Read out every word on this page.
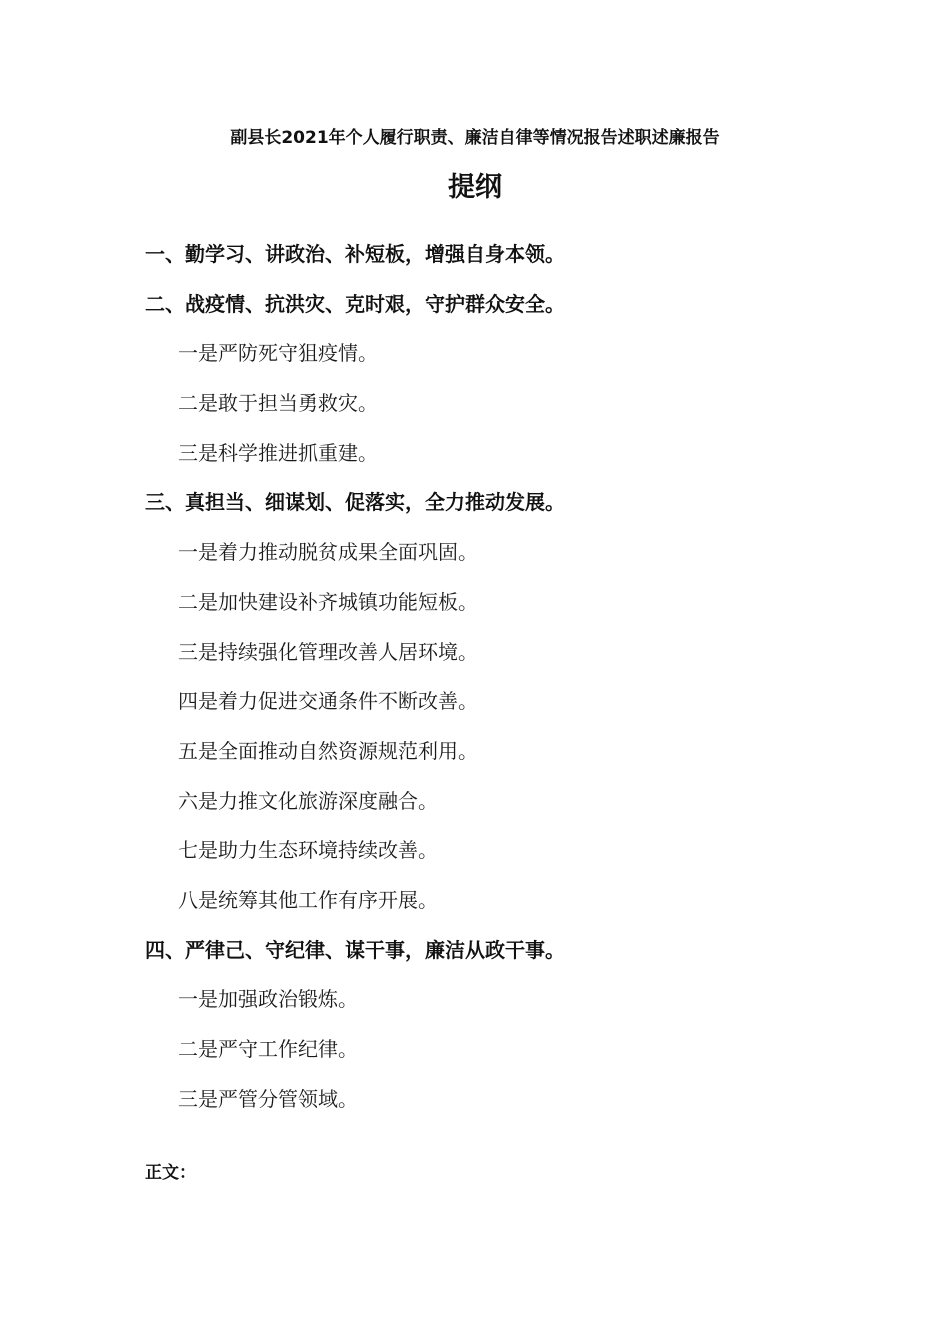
副县长2021年个人履行职责、廉洁自律等情况报告述职述廉报告
提纲
一、勤学习、讲政治、补短板，增强自身本领。
二、战疫情、抗洪灾、克时艰，守护群众安全。
一是严防死守狙疫情。
二是敢于担当勇救灾。
三是科学推进抓重建。
三、真担当、细谋划、促落实，全力推动发展。
一是着力推动脱贫成果全面巩固。
二是加快建设补齐城镇功能短板。
三是持续强化管理改善人居环境。
四是着力促进交通条件不断改善。
五是全面推动自然资源规范利用。
六是力推文化旅游深度融合。
七是助力生态环境持续改善。
八是统筹其他工作有序开展。
四、严律己、守纪律、谋干事，廉洁从政干事。
一是加强政治锻炼。
二是严守工作纪律。
三是严管分管领域。

正文：
